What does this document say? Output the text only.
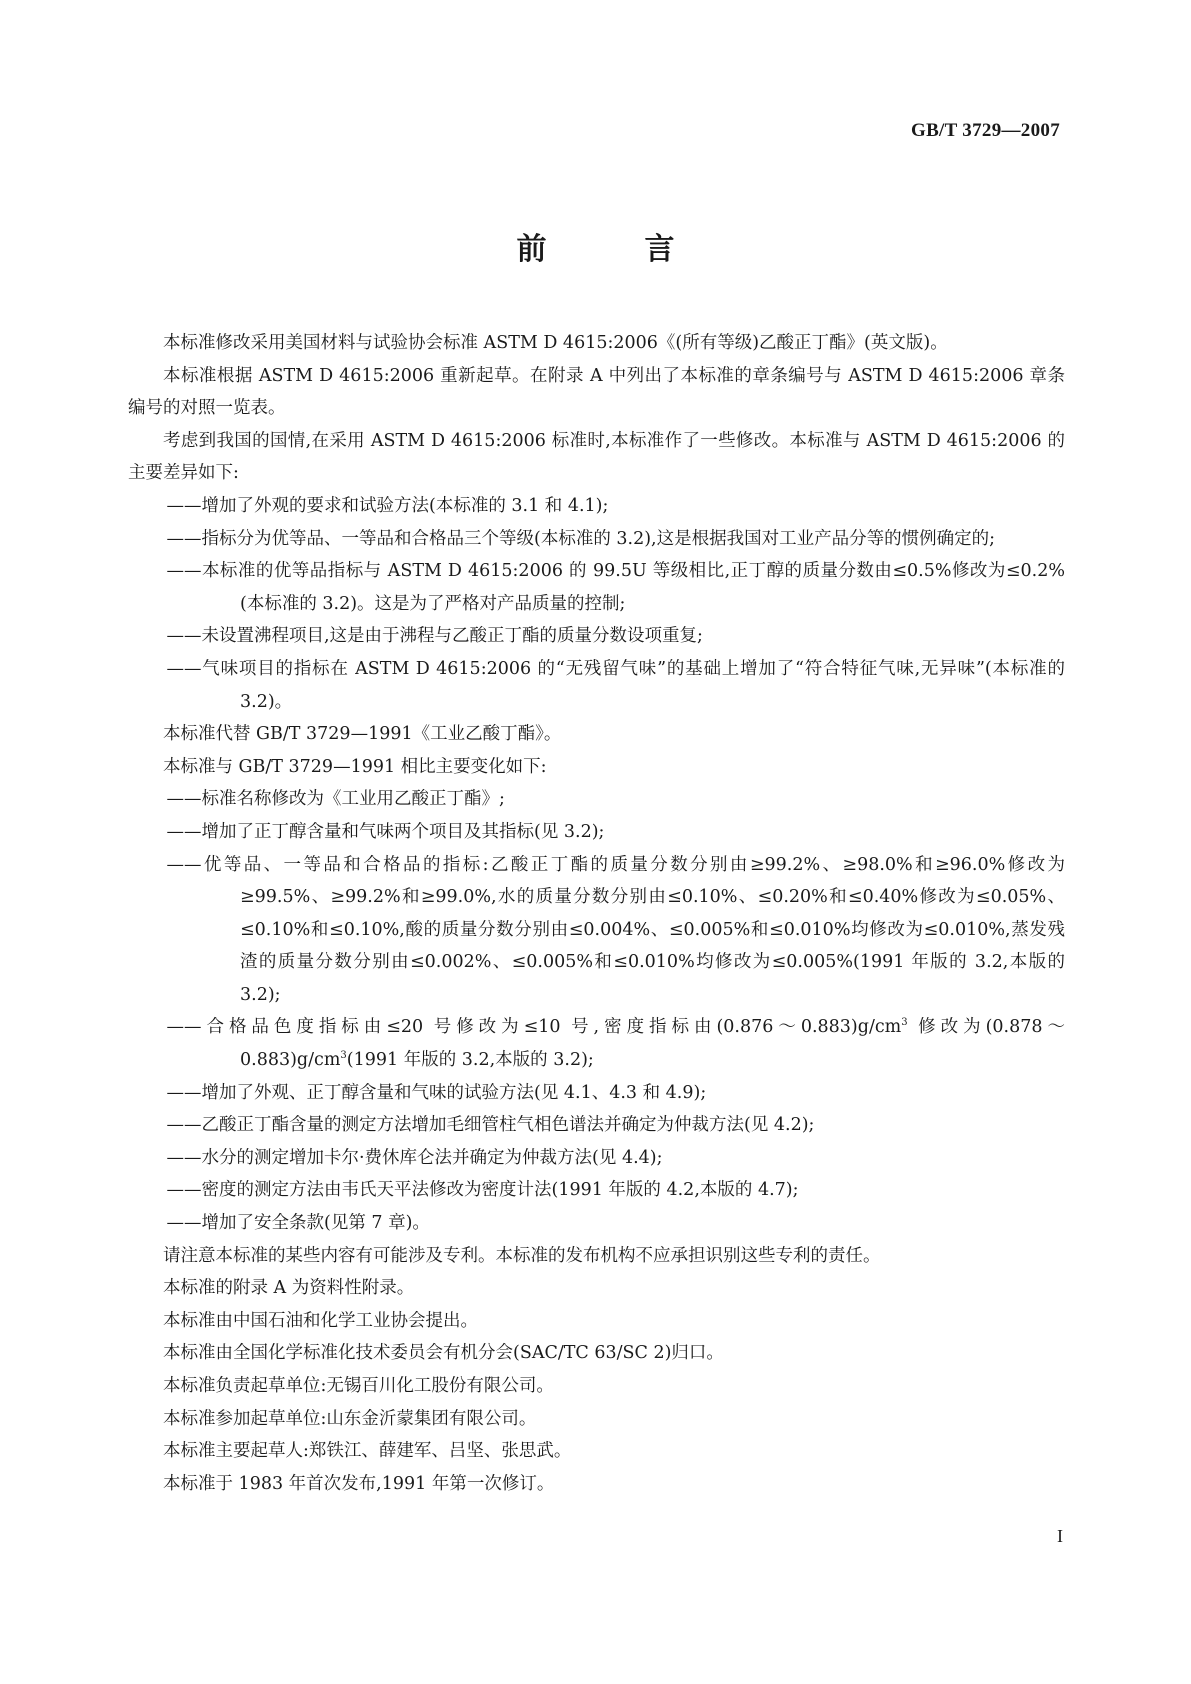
GB/T 3729—2007
前　言

本标准修改采用美国材料与试验协会标准 ASTM D 4615:2006《(所有等级)乙酸正丁酯》(英文版)。

本标准根据 ASTM D 4615:2006 重新起草。在附录 A 中列出了本标准的章条编号与 ASTM D 4615:2006 章条编号的对照一览表。

考虑到我国的国情,在采用 ASTM D 4615:2006 标准时,本标准作了一些修改。本标准与 ASTM D 4615:2006 的主要差异如下:

——增加了外观的要求和试验方法(本标准的 3.1 和 4.1);

——指标分为优等品、一等品和合格品三个等级(本标准的 3.2),这是根据我国对工业产品分等的惯例确定的;

——本标准的优等品指标与 ASTM D 4615:2006 的 99.5U 等级相比,正丁醇的质量分数由≤0.5%修改为≤0.2%(本标准的 3.2)。这是为了严格对产品质量的控制;

——未设置沸程项目,这是由于沸程与乙酸正丁酯的质量分数设项重复;

——气味项目的指标在 ASTM D 4615:2006 的“无残留气味”的基础上增加了“符合特征气味,无异味”(本标准的 3.2)。

本标准代替 GB/T 3729—1991《工业乙酸丁酯》。

本标准与 GB/T 3729—1991 相比主要变化如下:

——标准名称修改为《工业用乙酸正丁酯》;

——增加了正丁醇含量和气味两个项目及其指标(见 3.2);

——优等品、一等品和合格品的指标:乙酸正丁酯的质量分数分别由≥99.2%、≥98.0%和≥96.0%修改为≥99.5%、≥99.2%和≥99.0%,水的质量分数分别由≤0.10%、≤0.20%和≤0.40%修改为≤0.05%、≤0.10%和≤0.10%,酸的质量分数分别由≤0.004%、≤0.005%和≤0.010%均修改为≤0.010%,蒸发残渣的质量分数分别由≤0.002%、≤0.005%和≤0.010%均修改为≤0.005%(1991 年版的 3.2,本版的 3.2);

——合格品色度指标由≤20 号修改为≤10 号,密度指标由$(0.876\sim 0.883)g/cm^3$ 修改为$(0.878\sim 0.883)g/cm^3(1991$ 年版的 3.2,本版的 3.2);

——增加了外观、正丁醇含量和气味的试验方法(见 4.1、4.3 和 4.9);

——乙酸正丁酯含量的测定方法增加毛细管柱气相色谱法并确定为仲裁方法(见 4.2);

——水分的测定增加卡尔·费休库仑法并确定为仲裁方法(见 4.4);

——密度的测定方法由韦氏天平法修改为密度计法(1991 年版的 4.2,本版的 4.7);

——增加了安全条款(见第 7 章)。

请注意本标准的某些内容有可能涉及专利。本标准的发布机构不应承担识别这些专利的责任。

本标准的附录 A 为资料性附录。

本标准由中国石油和化学工业协会提出。

本标准由全国化学标准化技术委员会有机分会(SAC/TC 63/SC 2)归口。

本标准负责起草单位:无锡百川化工股份有限公司。

本标准参加起草单位:山东金沂蒙集团有限公司。

本标准主要起草人:郑铁江、薛建军、吕坚、张思武。

本标准于 1983 年首次发布,1991 年第一次修订。

I
